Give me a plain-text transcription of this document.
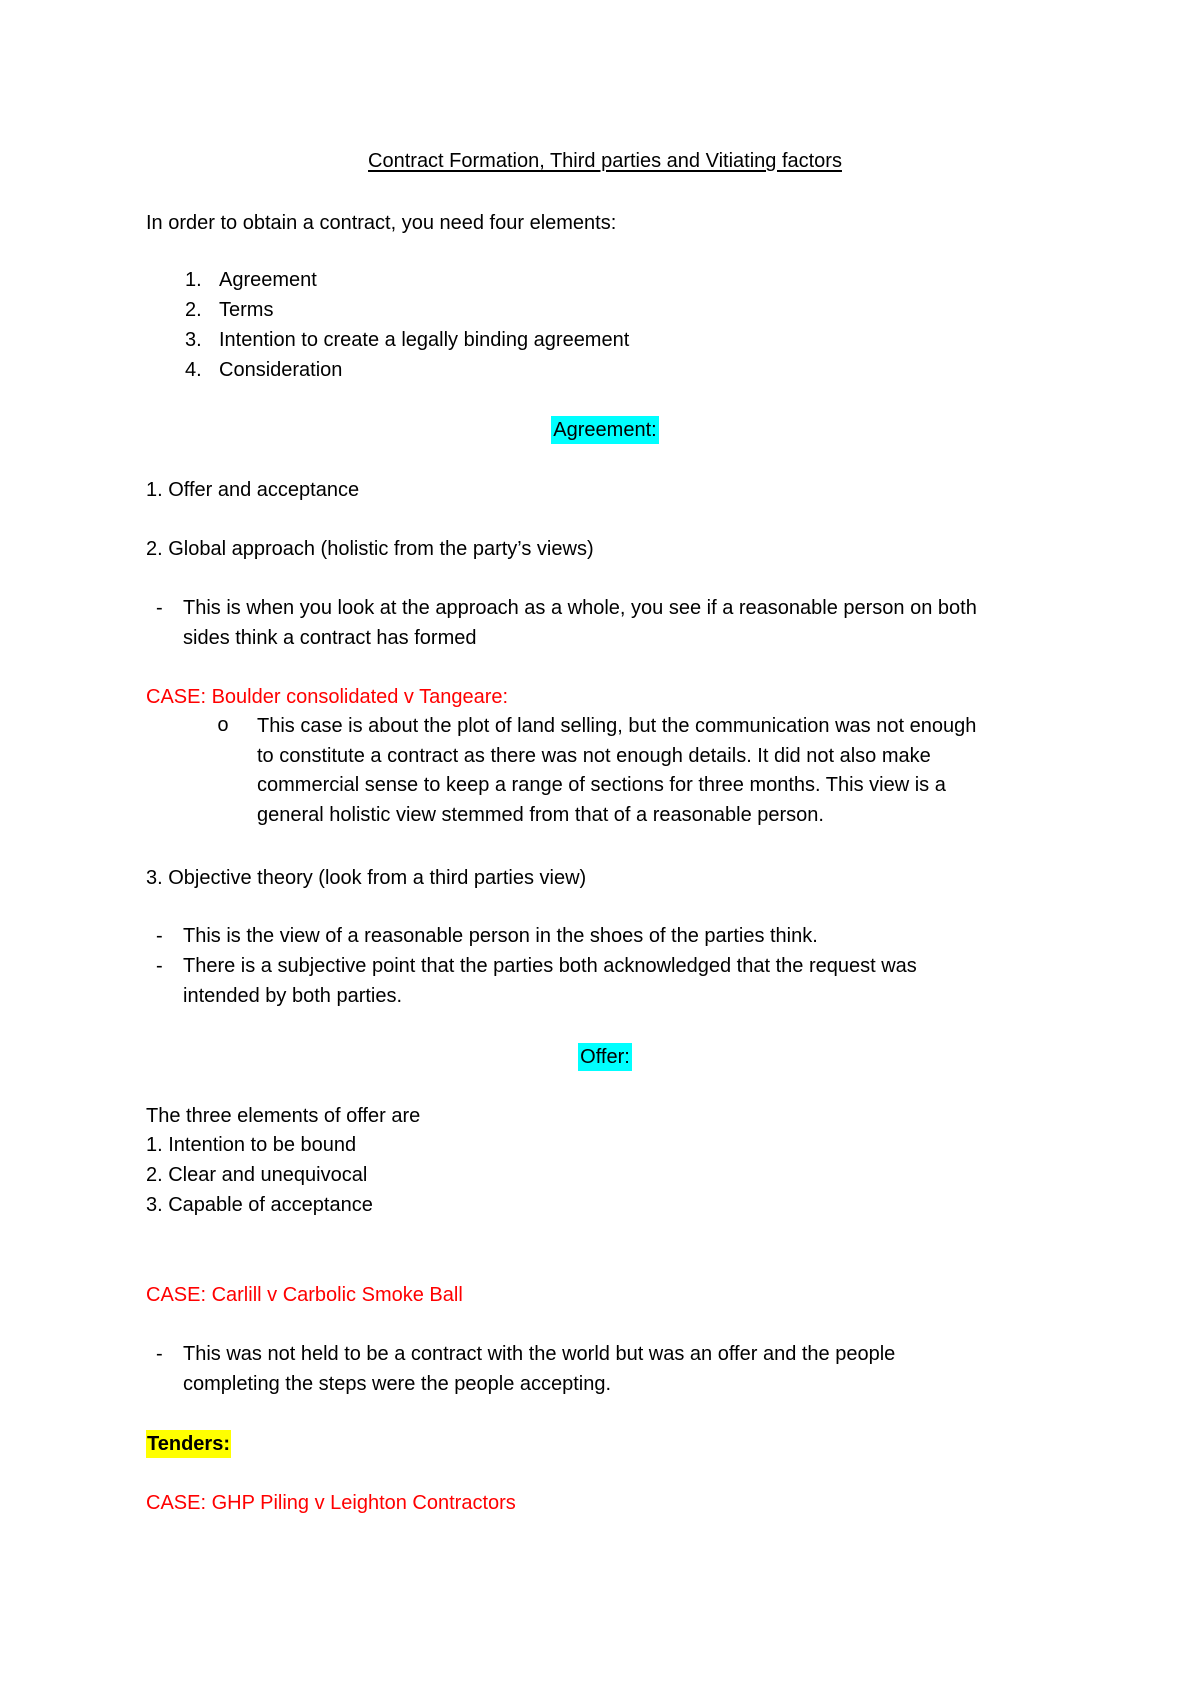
Contract Formation, Third parties and Vitiating factors
In order to obtain a contract, you need four elements:
1. Agreement
2. Terms
3. Intention to create a legally binding agreement
4. Consideration
Agreement:
1. Offer and acceptance
2. Global approach (holistic from the party’s views)
- This is when you look at the approach as a whole, you see if a reasonable person on both
sides think a contract has formed
CASE: Boulder consolidated v Tangeare:
o This case is about the plot of land selling, but the communication was not enough
to constitute a contract as there was not enough details. It did not also make
commercial sense to keep a range of sections for three months. This view is a
general holistic view stemmed from that of a reasonable person.
3. Objective theory (look from a third parties view)
- This is the view of a reasonable person in the shoes of the parties think.
- There is a subjective point that the parties both acknowledged that the request was
intended by both parties.
Offer:
The three elements of offer are
1. Intention to be bound
2. Clear and unequivocal
3. Capable of acceptance
CASE: Carlill v Carbolic Smoke Ball
- This was not held to be a contract with the world but was an offer and the people
completing the steps were the people accepting.
Tenders:
CASE: GHP Piling v Leighton Contractors
